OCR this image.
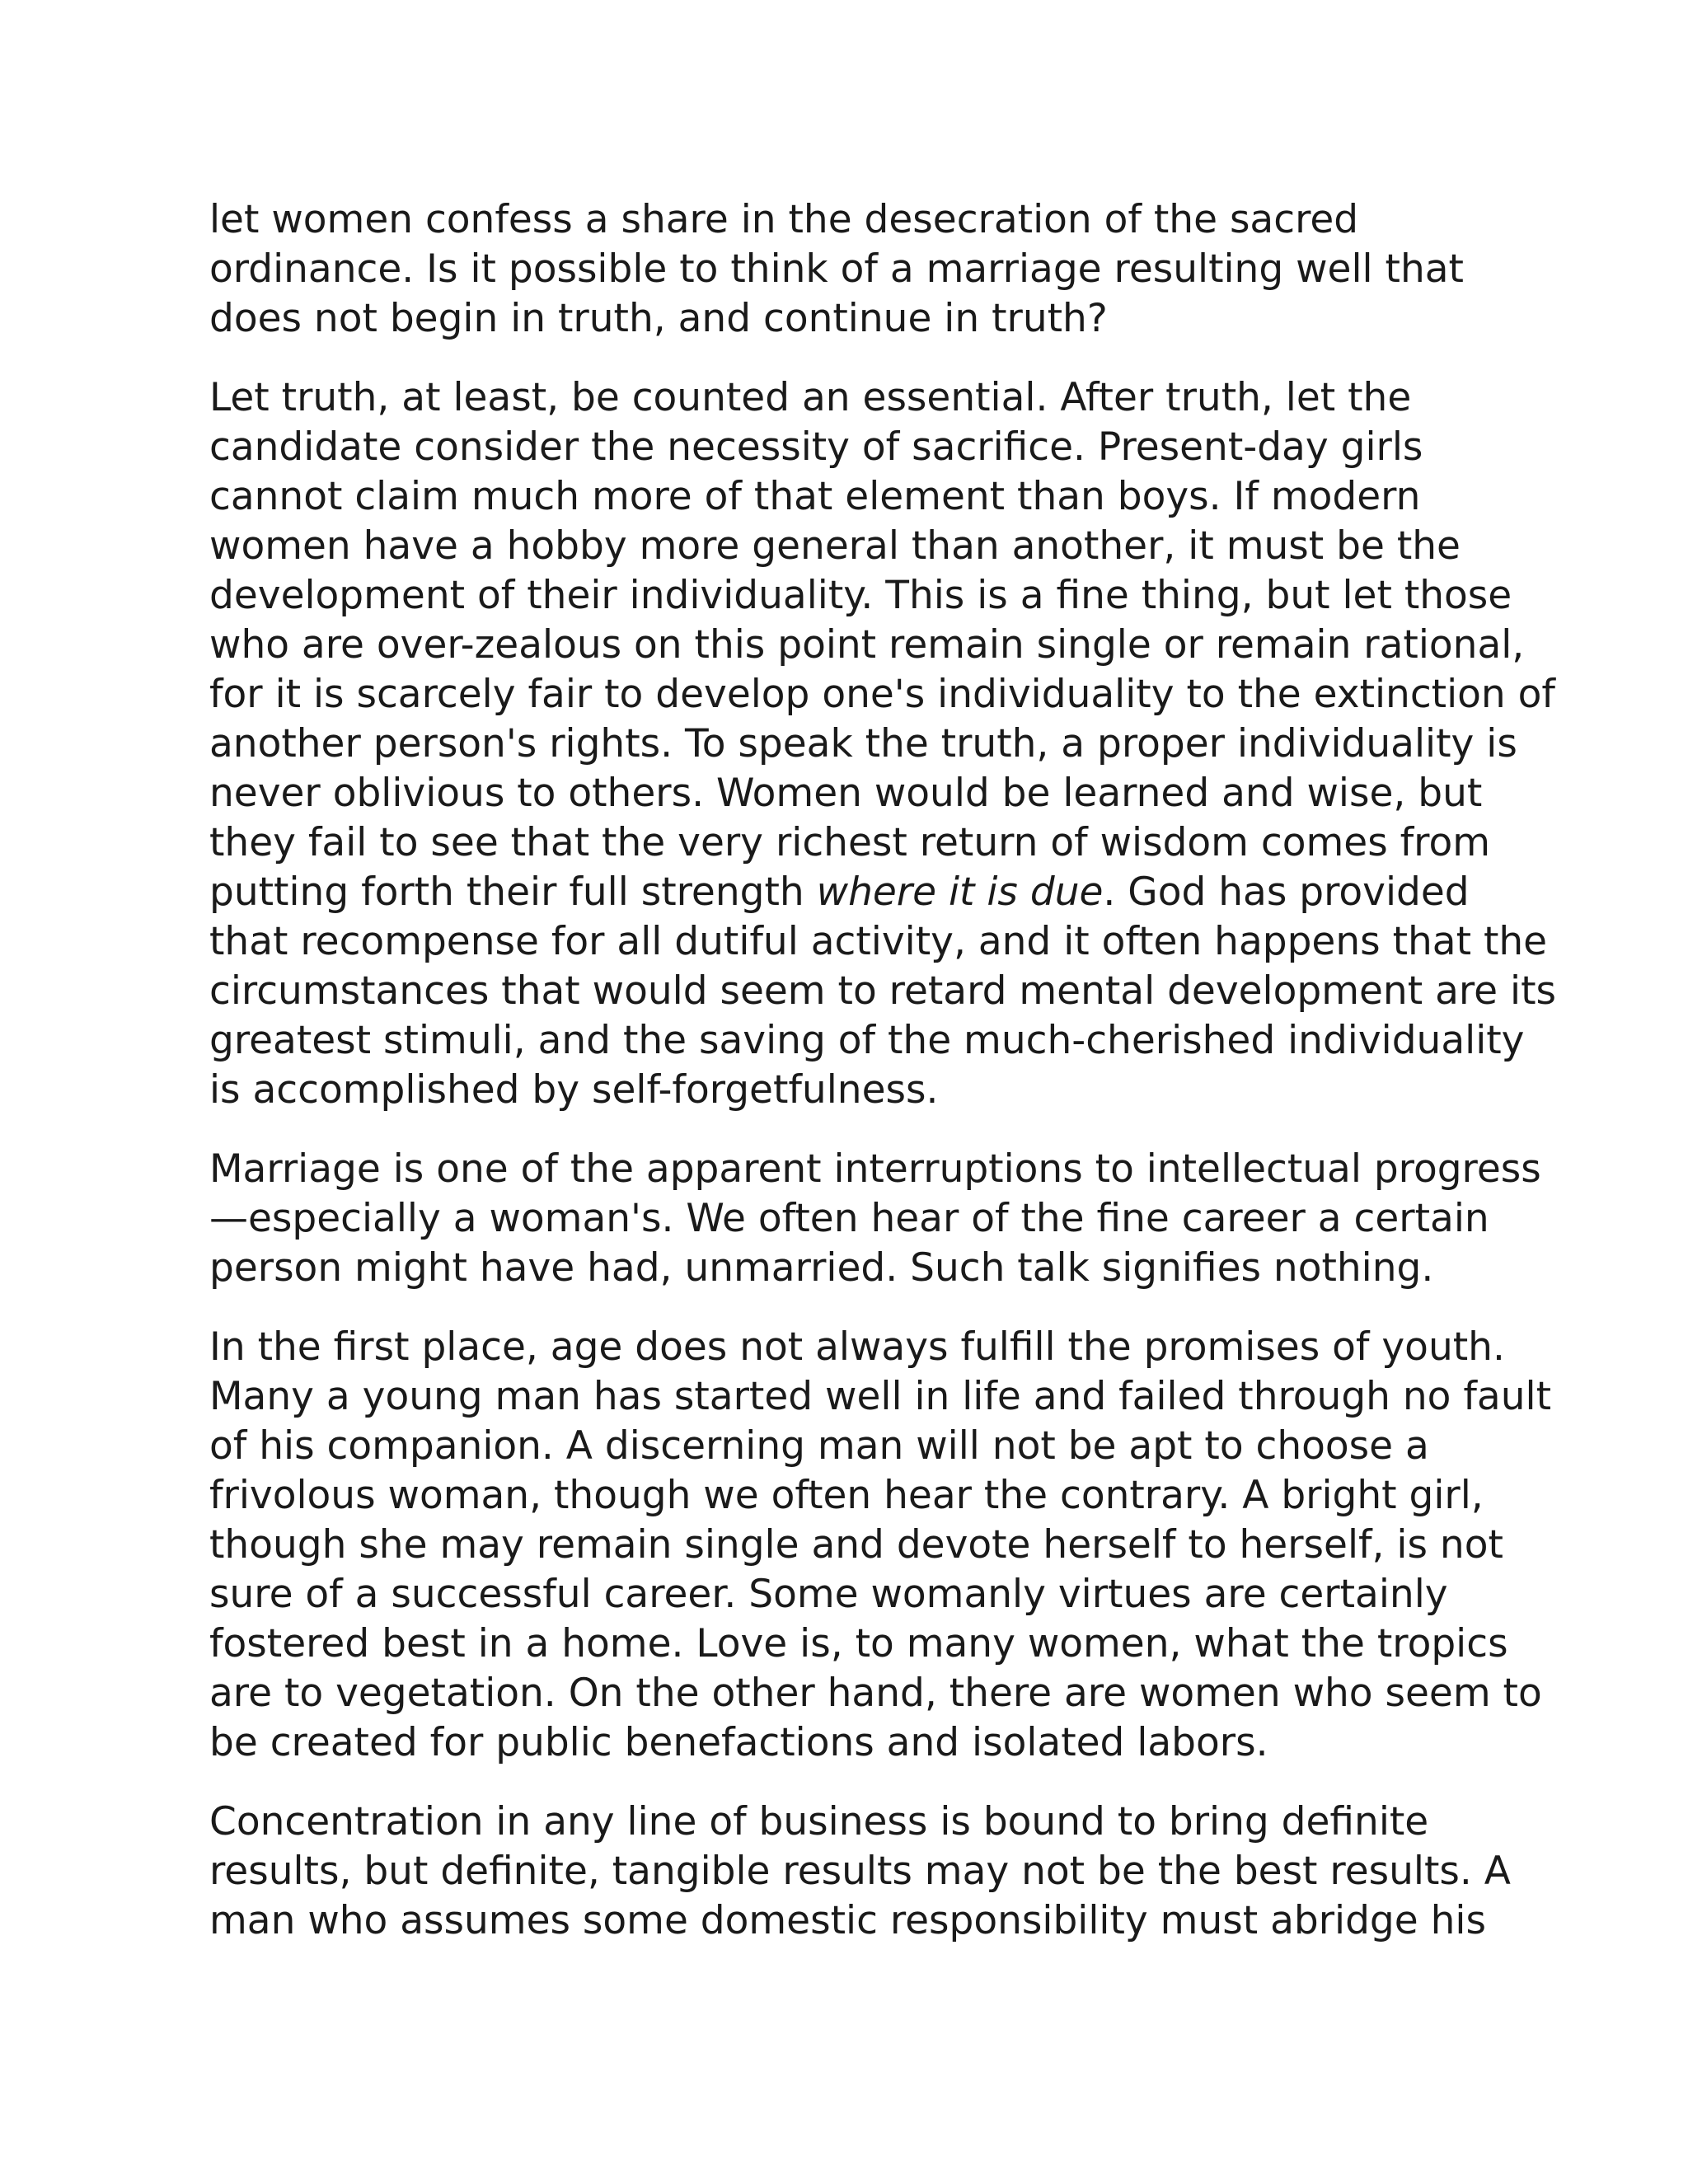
let women confess a share in the desecration of the sacred
ordinance. Is it possible to think of a marriage resulting well that
does not begin in truth, and continue in truth?

Let truth, at least, be counted an essential. After truth, let the
candidate consider the necessity of sacrifice. Present-day girls
cannot claim much more of that element than boys. If modern
women have a hobby more general than another, it must be the
development of their individuality. This is a fine thing, but let those
who are over-zealous on this point remain single or remain rational,
for it is scarcely fair to develop one's individuality to the extinction of
another person's rights. To speak the truth, a proper individuality is
never oblivious to others. Women would be learned and wise, but
they fail to see that the very richest return of wisdom comes from
putting forth their full strength where it is due. God has provided
that recompense for all dutiful activity, and it often happens that the
circumstances that would seem to retard mental development are its
greatest stimuli, and the saving of the much-cherished individuality
is accomplished by self-forgetfulness.

Marriage is one of the apparent interruptions to intellectual progress
—especially a woman's. We often hear of the fine career a certain
person might have had, unmarried. Such talk signifies nothing.

In the first place, age does not always fulfill the promises of youth.
Many a young man has started well in life and failed through no fault
of his companion. A discerning man will not be apt to choose a
frivolous woman, though we often hear the contrary. A bright girl,
though she may remain single and devote herself to herself, is not
sure of a successful career. Some womanly virtues are certainly
fostered best in a home. Love is, to many women, what the tropics
are to vegetation. On the other hand, there are women who seem to
be created for public benefactions and isolated labors.

Concentration in any line of business is bound to bring definite
results, but definite, tangible results may not be the best results. A
man who assumes some domestic responsibility must abridge his
